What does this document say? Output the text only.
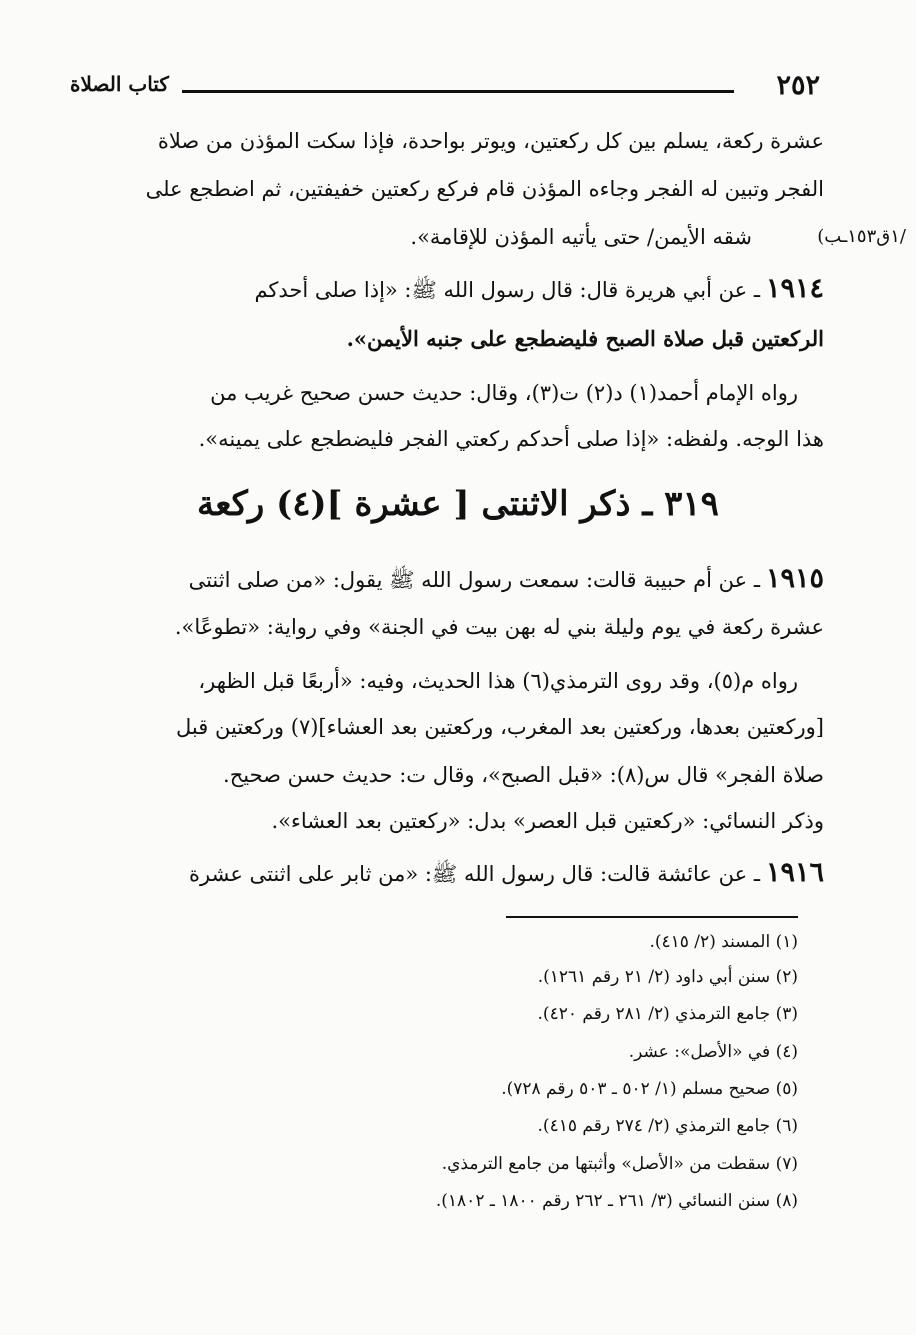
٢٥٢
كتاب الصلاة
عشرة ركعة، يسلم بين كل ركعتين، ويوتر بواحدة، فإذا سكت المؤذن من صلاة
الفجر وتبين له الفجر وجاءه المؤذن قام فركع ركعتين خفيفتين، ثم اضطجع على
شقه الأيمن/ حتى يأتيه المؤذن للإقامة».	/١ق١٥٣ـب)
١٩١٤ـ عن أبي هريرة قال: قال رسول الله ﷺ: «إذا صلى أحدكم
الركعتين قبل صلاة الصبح فليضطجع على جنبه الأيمن».
رواه الإمام أحمد(١) د(٢) ت(٣)، وقال: حديث حسن صحيح غريب من
هذا الوجه. ولفظه: «إذا صلى أحدكم ركعتي الفجر فليضطجع على يمينه».
٣١٩ ـ ذكر الاثنتى [ عشرة ](٤) ركعة
١٩١٥ـ عن أم حبيبة قالت: سمعت رسول الله ﷺ يقول: «من صلى اثنتى
عشرة ركعة في يوم وليلة بني له بهن بيت في الجنة» وفي رواية: «تطوعًا».
رواه م(٥)، وقد روى الترمذي(٦) هذا الحديث، وفيه: «أربعًا قبل الظهر،
[وركعتين بعدها، وركعتين بعد المغرب، وركعتين بعد العشاء](٧) وركعتين قبل
صلاة الفجر» قال س(٨): «قبل الصبح»، وقال ت: حديث حسن صحيح.
وذكر النسائي: «ركعتين قبل العصر» بدل: «ركعتين بعد العشاء».
١٩١٦ـ عن عائشة قالت: قال رسول الله ﷺ: «من ثابر على اثنتى عشرة
(١) المسند (٢/ ٤١٥).
(٢) سنن أبي داود (٢/ ٢١ رقم ١٢٦١).
(٣) جامع الترمذي (٢/ ٢٨١ رقم ٤٢٠).
(٤) في «الأصل»: عشر.
(٥) صحيح مسلم (١/ ٥٠٢ ـ ٥٠٣ رقم ٧٢٨).
(٦) جامع الترمذي (٢/ ٢٧٤ رقم ٤١٥).
(٧) سقطت من «الأصل» وأثبتها من جامع الترمذي.
(٨) سنن النسائي (٣/ ٢٦١ ـ ٢٦٢ رقم ١٨٠٠ ـ ١٨٠٢).
